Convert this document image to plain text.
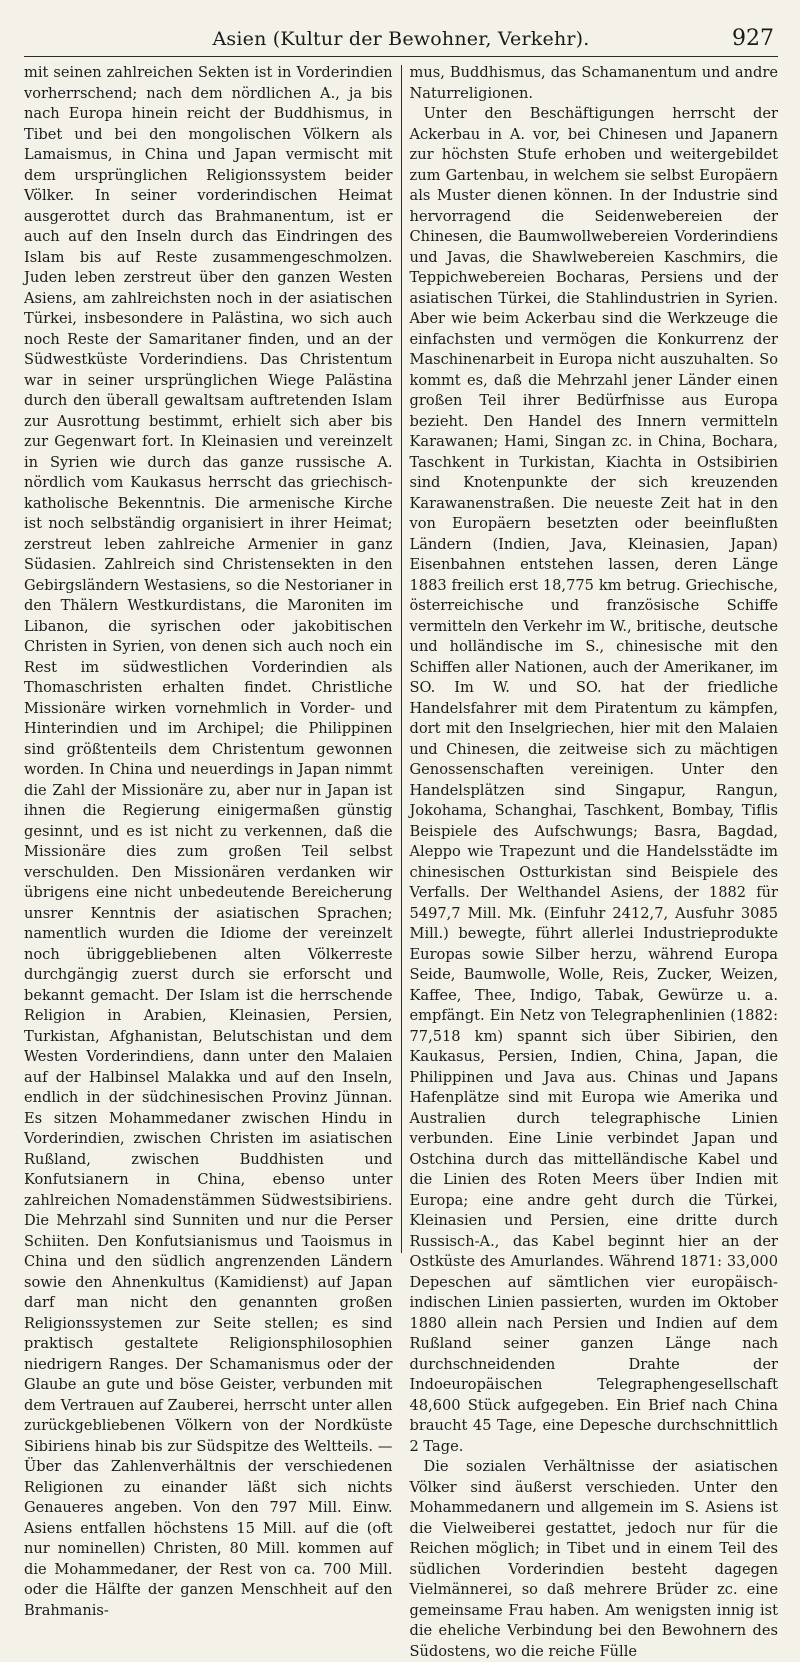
Asien (Kultur der Bewohner, Verkehr).	927

mit seinen zahlreichen Sekten ist in Vorderindien vorherrschend; nach dem nördlichen A., ja bis nach Europa hinein reicht der Buddhismus, in Tibet und bei den mongolischen Völkern als Lamaismus, in China und Japan vermischt mit dem ursprünglichen Religionssystem beider Völker. In seiner vorderindischen Heimat ausgerottet durch das Brahmanentum, ist er auch auf den Inseln durch das Eindringen des Islam bis auf Reste zusammengeschmolzen. Juden leben zerstreut über den ganzen Westen Asiens, am zahlreichsten noch in der asiatischen Türkei, insbesondere in Palästina, wo sich auch noch Reste der Samaritaner finden, und an der Südwestküste Vorderindiens. Das Christentum war in seiner ursprünglichen Wiege Palästina durch den überall gewaltsam auftretenden Islam zur Ausrottung bestimmt, erhielt sich aber bis zur Gegenwart fort. In Kleinasien und vereinzelt in Syrien wie durch das ganze russische A. nördlich vom Kaukasus herrscht das griechisch-katholische Bekenntnis. Die armenische Kirche ist noch selbständig organisiert in ihrer Heimat; zerstreut leben zahlreiche Armenier in ganz Südasien. Zahlreich sind Christensekten in den Gebirgsländern Westasiens, so die Nestorianer in den Thälern Westkurdistans, die Maroniten im Libanon, die syrischen oder jakobitischen Christen in Syrien, von denen sich auch noch ein Rest im südwestlichen Vorderindien als Thomaschristen erhalten findet. Christliche Missionäre wirken vornehmlich in Vorder- und Hinterindien und im Archipel; die Philippinen sind größtenteils dem Christentum gewonnen worden. In China und neuerdings in Japan nimmt die Zahl der Missionäre zu, aber nur in Japan ist ihnen die Regierung einigermaßen günstig gesinnt, und es ist nicht zu verkennen, daß die Missionäre dies zum großen Teil selbst verschulden. Den Missionären verdanken wir übrigens eine nicht unbedeutende Bereicherung unsrer Kenntnis der asiatischen Sprachen; namentlich wurden die Idiome der vereinzelt noch übriggebliebenen alten Völkerreste durchgängig zuerst durch sie erforscht und bekannt gemacht. Der Islam ist die herrschende Religion in Arabien, Kleinasien, Persien, Turkistan, Afghanistan, Belutschistan und dem Westen Vorderindiens, dann unter den Malaien auf der Halbinsel Malakka und auf den Inseln, endlich in der südchinesischen Provinz Jünnan. Es sitzen Mohammedaner zwischen Hindu in Vorderindien, zwischen Christen im asiatischen Rußland, zwischen Buddhisten und Konfutsianern in China, ebenso unter zahlreichen Nomadenstämmen Südwestsibiriens. Die Mehrzahl sind Sunniten und nur die Perser Schiiten. Den Konfutsianismus und Taoismus in China und den südlich angrenzenden Ländern sowie den Ahnenkultus (Kamidienst) auf Japan darf man nicht den genannten großen Religionssystemen zur Seite stellen; es sind praktisch gestaltete Religionsphilosophien niedrigern Ranges. Der Schamanismus oder der Glaube an gute und böse Geister, verbunden mit dem Vertrauen auf Zauberei, herrscht unter allen zurückgebliebenen Völkern von der Nordküste Sibiriens hinab bis zur Südspitze des Weltteils. — Über das Zahlenverhältnis der verschiedenen Religionen zu einander läßt sich nichts Genaueres angeben. Von den 797 Mill. Einw. Asiens entfallen höchstens 15 Mill. auf die (oft nur nominellen) Christen, 80 Mill. kommen auf die Mohammedaner, der Rest von ca. 700 Mill. oder die Hälfte der ganzen Menschheit auf den Brahmanis-

mus, Buddhismus, das Schamanentum und andre Naturreligionen.

Unter den Beschäftigungen herrscht der Ackerbau in A. vor, bei Chinesen und Japanern zur höchsten Stufe erhoben und weitergebildet zum Gartenbau, in welchem sie selbst Europäern als Muster dienen können. In der Industrie sind hervorragend die Seidenwebereien der Chinesen, die Baumwollwebereien Vorderindiens und Javas, die Shawlwebereien Kaschmirs, die Teppichwebereien Bocharas, Persiens und der asiatischen Türkei, die Stahlindustrien in Syrien. Aber wie beim Ackerbau sind die Werkzeuge die einfachsten und vermögen die Konkurrenz der Maschinenarbeit in Europa nicht auszuhalten. So kommt es, daß die Mehrzahl jener Länder einen großen Teil ihrer Bedürfnisse aus Europa bezieht. Den Handel des Innern vermitteln Karawanen; Hami, Singan zc. in China, Bochara, Taschkent in Turkistan, Kiachta in Ostsibirien sind Knotenpunkte der sich kreuzenden Karawanenstraßen. Die neueste Zeit hat in den von Europäern besetzten oder beeinflußten Ländern (Indien, Java, Kleinasien, Japan) Eisenbahnen entstehen lassen, deren Länge 1883 freilich erst 18,775 km betrug. Griechische, österreichische und französische Schiffe vermitteln den Verkehr im W., britische, deutsche und holländische im S., chinesische mit den Schiffen aller Nationen, auch der Amerikaner, im SO. Im W. und SO. hat der friedliche Handelsfahrer mit dem Piratentum zu kämpfen, dort mit den Inselgriechen, hier mit den Malaien und Chinesen, die zeitweise sich zu mächtigen Genossenschaften vereinigen. Unter den Handelsplätzen sind Singapur, Rangun, Jokohama, Schanghai, Taschkent, Bombay, Tiflis Beispiele des Aufschwungs; Basra, Bagdad, Aleppo wie Trapezunt und die Handelsstädte im chinesischen Ostturkistan sind Beispiele des Verfalls. Der Welthandel Asiens, der 1882 für 5497,7 Mill. Mk. (Einfuhr 2412,7, Ausfuhr 3085 Mill.) bewegte, führt allerlei Industrieprodukte Europas sowie Silber herzu, während Europa Seide, Baumwolle, Wolle, Reis, Zucker, Weizen, Kaffee, Thee, Indigo, Tabak, Gewürze u. a. empfängt. Ein Netz von Telegraphenlinien (1882: 77,518 km) spannt sich über Sibirien, den Kaukasus, Persien, Indien, China, Japan, die Philippinen und Java aus. Chinas und Japans Hafenplätze sind mit Europa wie Amerika und Australien durch telegraphische Linien verbunden. Eine Linie verbindet Japan und Ostchina durch das mittelländische Kabel und die Linien des Roten Meers über Indien mit Europa; eine andre geht durch die Türkei, Kleinasien und Persien, eine dritte durch Russisch-A., das Kabel beginnt hier an der Ostküste des Amurlandes. Während 1871: 33,000 Depeschen auf sämtlichen vier europäisch-indischen Linien passierten, wurden im Oktober 1880 allein nach Persien und Indien auf dem Rußland seiner ganzen Länge nach durchschneidenden Drahte der Indoeuropäischen Telegraphengesellschaft 48,600 Stück aufgegeben. Ein Brief nach China braucht 45 Tage, eine Depesche durchschnittlich 2 Tage.

Die sozialen Verhältnisse der asiatischen Völker sind äußerst verschieden. Unter den Mohammedanern und allgemein im S. Asiens ist die Vielweiberei gestattet, jedoch nur für die Reichen möglich; in Tibet und in einem Teil des südlichen Vorderindien besteht dagegen Vielmännerei, so daß mehrere Brüder zc. eine gemeinsame Frau haben. Am wenigsten innig ist die eheliche Verbindung bei den Bewohnern des Südostens, wo die reiche Fülle
